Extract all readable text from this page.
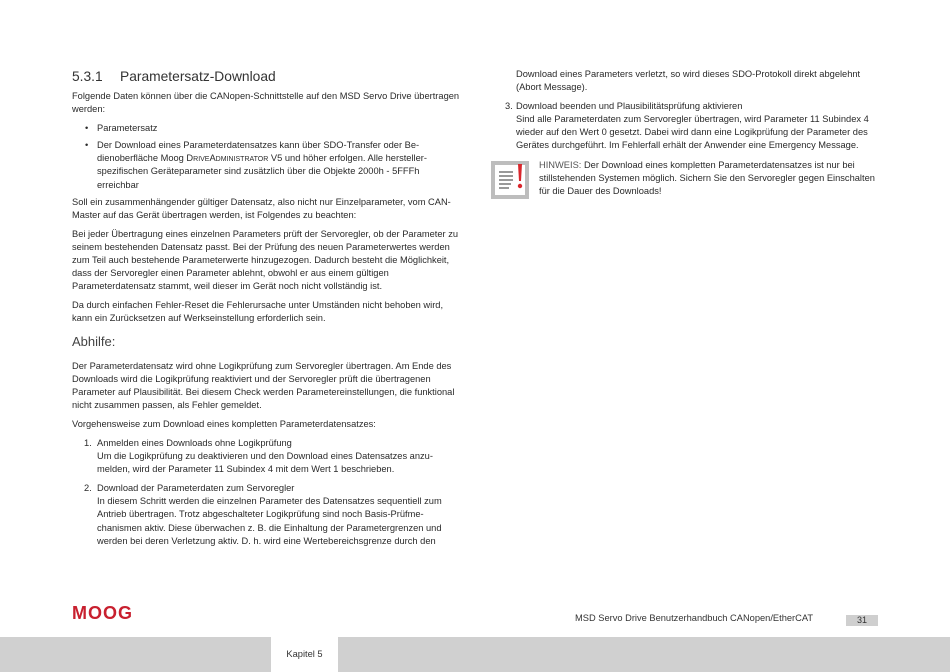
5.3.1 Parametersatz-Download

Folgende Daten können über die CANopen-Schnittstelle auf den MSD Servo Drive übertragen werden:

• Parametersatz
• Der Download eines Parameterdatensatzes kann über SDO-Transfer oder Bedienoberfläche Moog DriveAdministrator V5 und höher erfolgen. Alle herstellerspezifischen Geräteparameter sind zusätzlich über die Objekte 2000h - 5FFFh erreichbar

Soll ein zusammenhängender gültiger Datensatz, also nicht nur Einzelparameter, vom CAN-Master auf das Gerät übertragen werden, ist Folgendes zu beachten:

Bei jeder Übertragung eines einzelnen Parameters prüft der Servoregler, ob der Parameter zu seinem bestehenden Datensatz passt. Bei der Prüfung des neuen Parameterwertes werden zum Teil auch bestehende Parameterwerte hinzugezogen. Dadurch besteht die Möglichkeit, dass der Servoregler einen Parameter ablehnt, obwohl er aus einem gültigen Parameterdatensatz stammt, weil dieser im Gerät noch nicht vollständig ist.

Da durch einfachen Fehler-Reset die Fehlerursache unter Umständen nicht behoben wird, kann ein Zurücksetzen auf Werkseinstellung erforderlich sein.

Abhilfe:

Der Parameterdatensatz wird ohne Logikprüfung zum Servoregler übertragen. Am Ende des Downloads wird die Logikprüfung reaktiviert und der Servoregler prüft die übertragenen Parameter auf Plausibilität. Bei diesem Check werden Parametereinstellungen, die funktional nicht zusammen passen, als Fehler gemeldet.

Vorgehensweise zum Download eines kompletten Parameterdatensatzes:

1. Anmelden eines Downloads ohne Logikprüfung
Um die Logikprüfung zu deaktivieren und den Download eines Datensatzes anzumelden, wird der Parameter 11 Subindex 4 mit dem Wert 1 beschrieben.
2. Download der Parameterdaten zum Servoregler
In diesem Schritt werden die einzelnen Parameter des Datensatzes sequentiell zum Antrieb übertragen. Trotz abgeschalteter Logikprüfung sind noch Basis-Prüfmechanismen aktiv. Diese überwachen z. B. die Einhaltung der Parametergrenzen und werden bei deren Verletzung aktiv. D. h. wird eine Wertebereichsgrenze durch den

Download eines Parameters verletzt, so wird dieses SDO-Protokoll direkt abgelehnt (Abort Message).

3. Download beenden und Plausibilitätsprüfung aktivieren
Sind alle Parameterdaten zum Servoregler übertragen, wird Parameter 11 Subindex 4 wieder auf den Wert 0 gesetzt. Dabei wird dann eine Logikprüfung der Parameter des Gerätes durchgeführt. Im Fehlerfall erhält der Anwender eine Emergency Message.
HINWEIS: Der Download eines kompletten Parameterdatensatzes ist nur bei stillstehenden Systemen möglich. Sichern Sie den Servoregler gegen Einschalten für die Dauer des Downloads!
MOOG	MSD Servo Drive Benutzerhandbuch CANopen/EtherCAT	31
Kapitel 5
